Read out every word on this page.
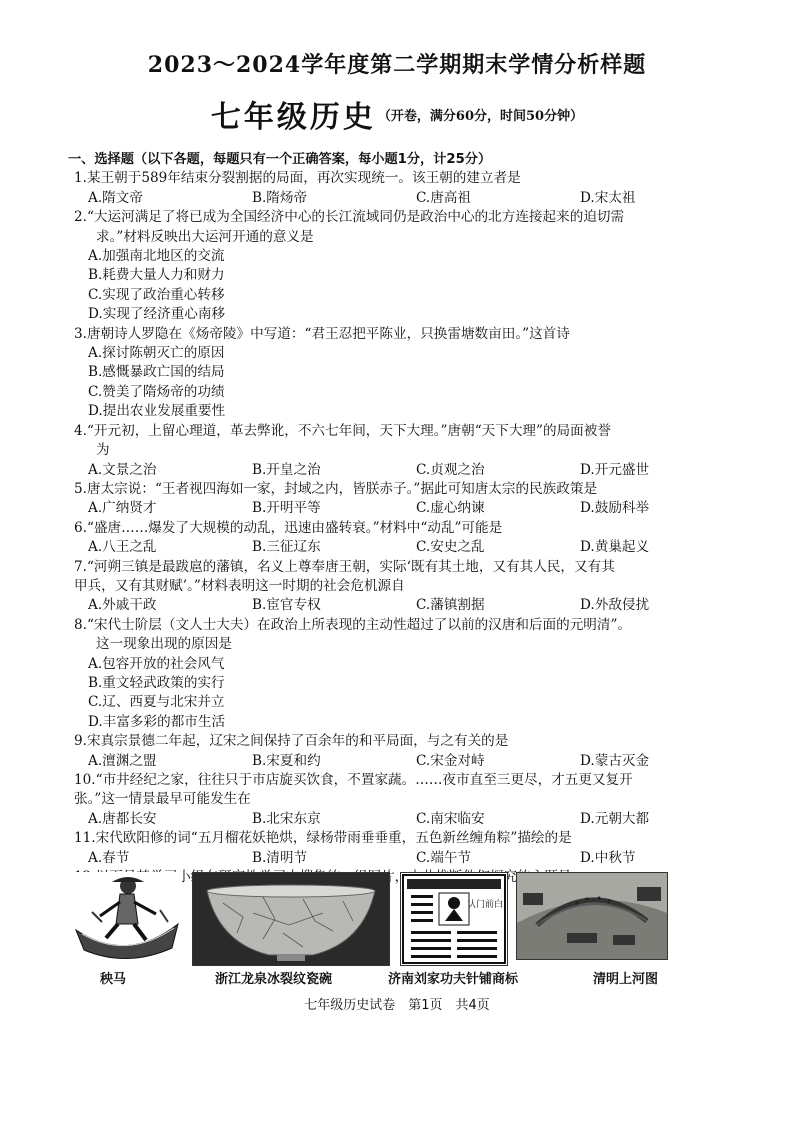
2023～2024学年度第二学期期末学情分析样题
七年级历史 （开卷，满分60分，时间50分钟）
一、选择题（以下各题，每题只有一个正确答案，每小题1分，计25分）
1.某王朝于589年结束分裂割据的局面，再次实现统一。该王朝的建立者是
A.隋文帝	B.隋炀帝	C.唐高祖	D.宋太祖
2.“大运河满足了将已成为全国经济中心的长江流域同仍是政治中心的北方连接起来的迫切需
求。”材料反映出大运河开通的意义是
A.加强南北地区的交流
B.耗费大量人力和财力
C.实现了政治重心转移
D.实现了经济重心南移
3.唐朝诗人罗隐在《炀帝陵》中写道：“君王忍把平陈业，只换雷塘数亩田。”这首诗
A.探讨陈朝灭亡的原因
B.感慨暴政亡国的结局
C.赞美了隋炀帝的功绩
D.提出农业发展重要性
4.“开元初，上留心理道，革去弊讹，不六七年间，天下大理。”唐朝“天下大理”的局面被誉
为
A.文景之治	B.开皇之治	C.贞观之治	D.开元盛世
5.唐太宗说：“王者视四海如一家，封域之内，皆朕赤子。”据此可知唐太宗的民族政策是
A.广纳贤才	B.开明平等	C.虚心纳谏	D.鼓励科举
6.“盛唐……爆发了大规模的动乱，迅速由盛转衰。”材料中“动乱”可能是
A.八王之乱	B.三征辽东	C.安史之乱	D.黄巢起义
7.“河朔三镇是最跋扈的藩镇，名义上尊奉唐王朝，实际‘既有其土地，又有其人民，又有其
甲兵，又有其财赋’。”材料表明这一时期的社会危机源自
A.外戚干政	B.宦官专权	C.藩镇割据	D.外敌侵扰
8.“宋代士阶层（文人士大夫）在政治上所表现的主动性超过了以前的汉唐和后面的元明清”。
这一现象出现的原因是
A.包容开放的社会风气
B.重文轻武政策的实行
C.辽、西夏与北宋并立
D.丰富多彩的都市生活
9.宋真宗景德二年起，辽宋之间保持了百余年的和平局面，与之有关的是
A.澶渊之盟	B.宋夏和约	C.宋金对峙	D.蒙古灭金
10.“市井经纪之家，往往只于市店旋买饮食，不置家蔬。……夜市直至三更尽，才五更又复开
张。”这一情景最早可能发生在
A.唐都长安	B.北宋东京	C.南宋临安	D.元朝大都
11.宋代欧阳修的词“五月榴花妖艳烘，绿杨带雨垂垂重，五色新丝缠角粽”描绘的是
A.春节	B.清明节	C.端午节	D.中秋节
认门前白
秧马	浙江龙泉冰裂纹瓷碗	济南刘家功夫针铺商标	清明上河图
七年级历史试卷　第1页　共4页
